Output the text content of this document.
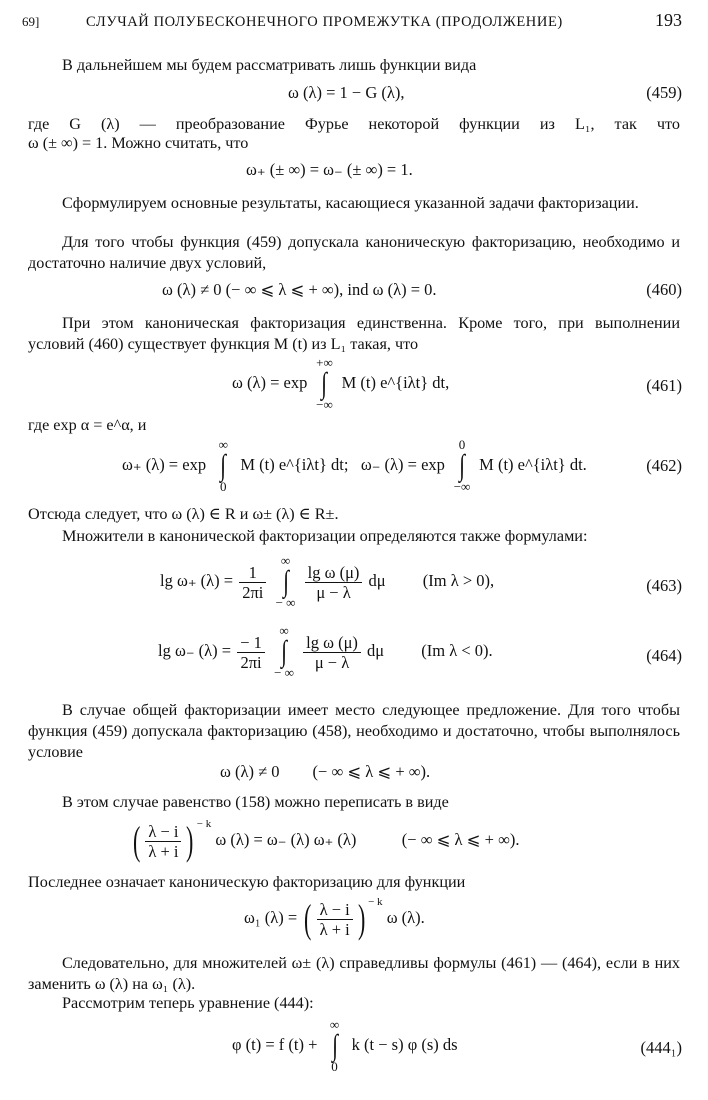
69]	СЛУЧАЙ ПОЛУБЕСКОНЕЧНОГО ПРОМЕЖУТКА (ПРОДОЛЖЕНИЕ)	193
В дальнейшем мы будем рассматривать лишь функции вида
ω (λ) = 1 − G (λ),	(459)
где G (λ) — преобразование Фурье некоторой функции из L₁, так что
ω (± ∞) = 1. Можно считать, что
ω₊ (± ∞) = ω₋ (± ∞) = 1.
Сформулируем основные результаты, касающиеся указанной задачи факторизации.
Для того чтобы функция (459) допускала каноническую факторизацию, необходимо и достаточно наличие двух условий,
ω (λ) ≠ 0 (− ∞ ⩽ λ ⩽ + ∞), ind ω (λ) = 0.	(460)
При этом каноническая факторизация единственна. Кроме того, при выполнении условий (460) существует функция M (t) из L₁ такая, что
ω (λ) = exp
+∞
∫
−∞
M (t) e^{iλt} dt,	(461)
где exp α = e^α, и
ω₊ (λ) = exp
∞
∫
0
M (t) e^{iλt} dt; ω₋ (λ) = exp
0
∫
−∞
M (t) e^{iλt} dt.	(462)
Отсюда следует, что ω (λ) ∈ R и ω± (λ) ∈ R±.
Множители в канонической факторизации определяются также формулами:
lg ω₊ $(\lambda) = \frac{1}{2\pi i}$

∞
∫
− ∞

$\frac{\text{lg ω (μ)}}{\mu - \lambda}$ dμ (Im λ > 0),	(463)
lg ω₋ $(\lambda) = \frac{- 1}{2\pi i}$

∞
∫
− ∞

$\frac{\text{lg ω (μ)}}{\mu - \lambda}$ dμ (Im λ < 0).	(464)
В случае общей факторизации имеет место следующее предложение. Для того чтобы функция (459) допускала факторизацию (458), необходимо и достаточно, чтобы выполнялось условие
ω (λ) ≠ 0        (− ∞ ⩽ λ ⩽ + ∞).
В этом случае равенство (158) можно переписать в виде
( $\frac{\lambda - i}{\lambda + i}$ ) $^{- k}$ ω (λ) = ω₋ (λ) ω₊ (λ)	(− ∞ ⩽ λ ⩽ + ∞).
Последнее означает каноническую факторизацию для функции
ω₁ (λ) = ( $\frac{\lambda - i}{\lambda + i}$ ) $^{- k}$ ω (λ).
Следовательно, для множителей ω± (λ) справедливы формулы (461) — (464), если в них заменить ω (λ) на ω₁ (λ).
Рассмотрим теперь уравнение (444):
φ (t) = f (t) +
∞
∫
0
k (t − s) φ (s) ds	(444₁)
